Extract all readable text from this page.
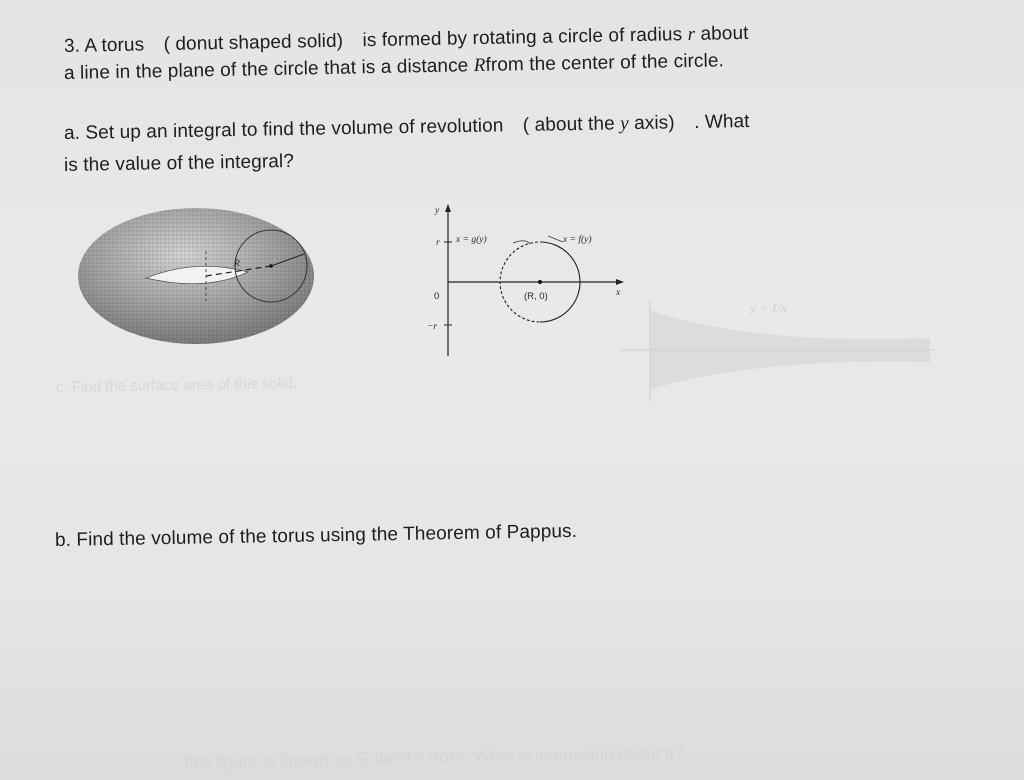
3. A torus ( donut shaped solid) is formed by rotating a circle of radius r about
a line in the plane of the circle that is a distance Rfrom the center of the circle.
a. Set up an integral to find the volume of revolution ( about the y axis) . What
is the value of the integral?
R
y
x
r
−r
0	(R, 0)
x = g(y)	x = f(y)
y = 1/x
c. Find the surface area of this solid.
b. Find the volume of the torus using the Theorem of Pappus.
...this figure is known as Gabriel's Horn. What is interesting about it?
